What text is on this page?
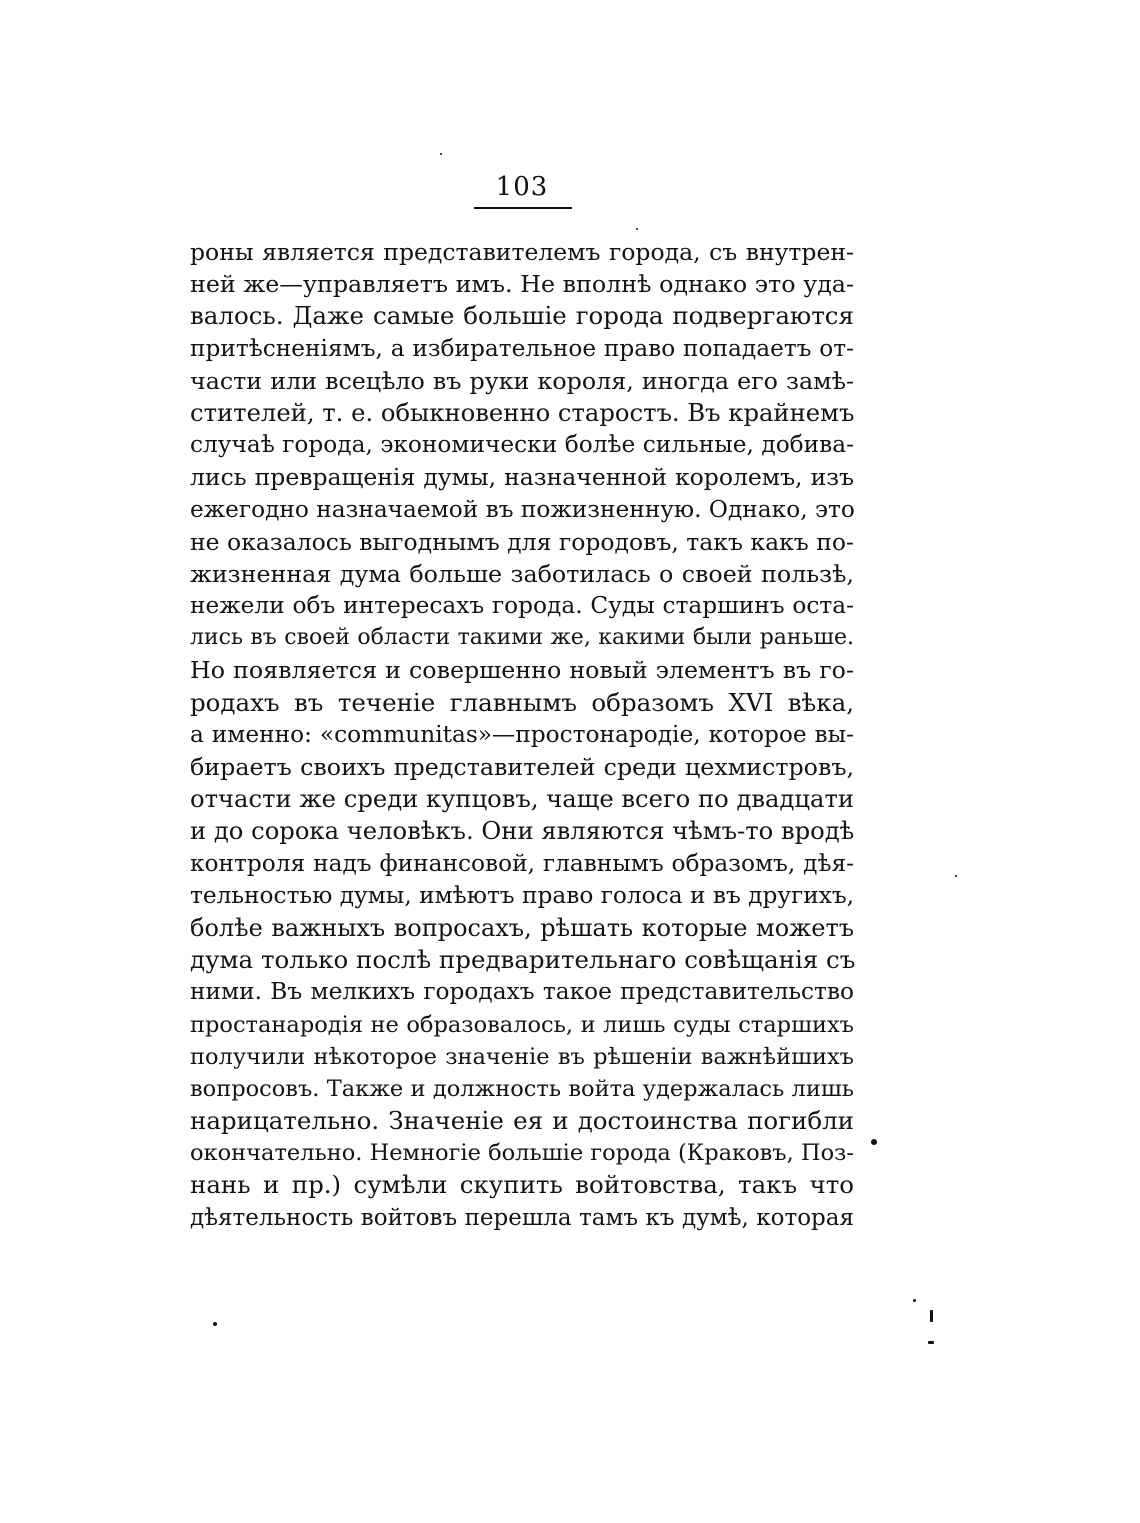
103
роны является представителемъ города, съ внутрен-
ней же—управляетъ имъ. Не вполнѣ однако это уда-
валось. Даже самые большіе города подвергаются
притѣсненіямъ, а избирательное право попадаетъ от-
части или всецѣло въ руки короля, иногда его замѣ-
стителей, т. е. обыкновенно старостъ. Въ крайнемъ
случаѣ города, экономически болѣе сильные, добива-
лись превращенія думы, назначенной королемъ, изъ
ежегодно назначаемой въ пожизненную. Однако, это
не оказалось выгоднымъ для городовъ, такъ какъ по-
жизненная дума больше заботилась о своей пользѣ,
нежели объ интересахъ города. Суды старшинъ оста-
лись въ своей области такими же, какими были раньше.
Но появляется и совершенно новый элементъ въ го-
родахъ въ теченіе главнымъ образомъ XVI вѣка,
а именно: «communitas»—простонародіе, которое вы-
бираетъ своихъ представителей среди цехмистровъ,
отчасти же среди купцовъ, чаще всего по двадцати
и до сорока человѣкъ. Они являются чѣмъ-то вродѣ
контроля надъ финансовой, главнымъ образомъ, дѣя-
тельностью думы, имѣютъ право голоса и въ другихъ,
болѣе важныхъ вопросахъ, рѣшать которые можетъ
дума только послѣ предварительнаго совѣщанія съ
ними. Въ мелкихъ городахъ такое представительство
простанародія не образовалось, и лишь суды старшихъ
получили нѣкоторое значеніе въ рѣшеніи важнѣйшихъ
вопросовъ. Также и должность войта удержалась лишь
нарицательно. Значеніе ея и достоинства погибли
окончательно. Немногіе большіе города (Краковъ, Поз-
нань и пр.) сумѣли скупить войтовства, такъ что
дѣятельность войтовъ перешла тамъ къ думѣ, которая
